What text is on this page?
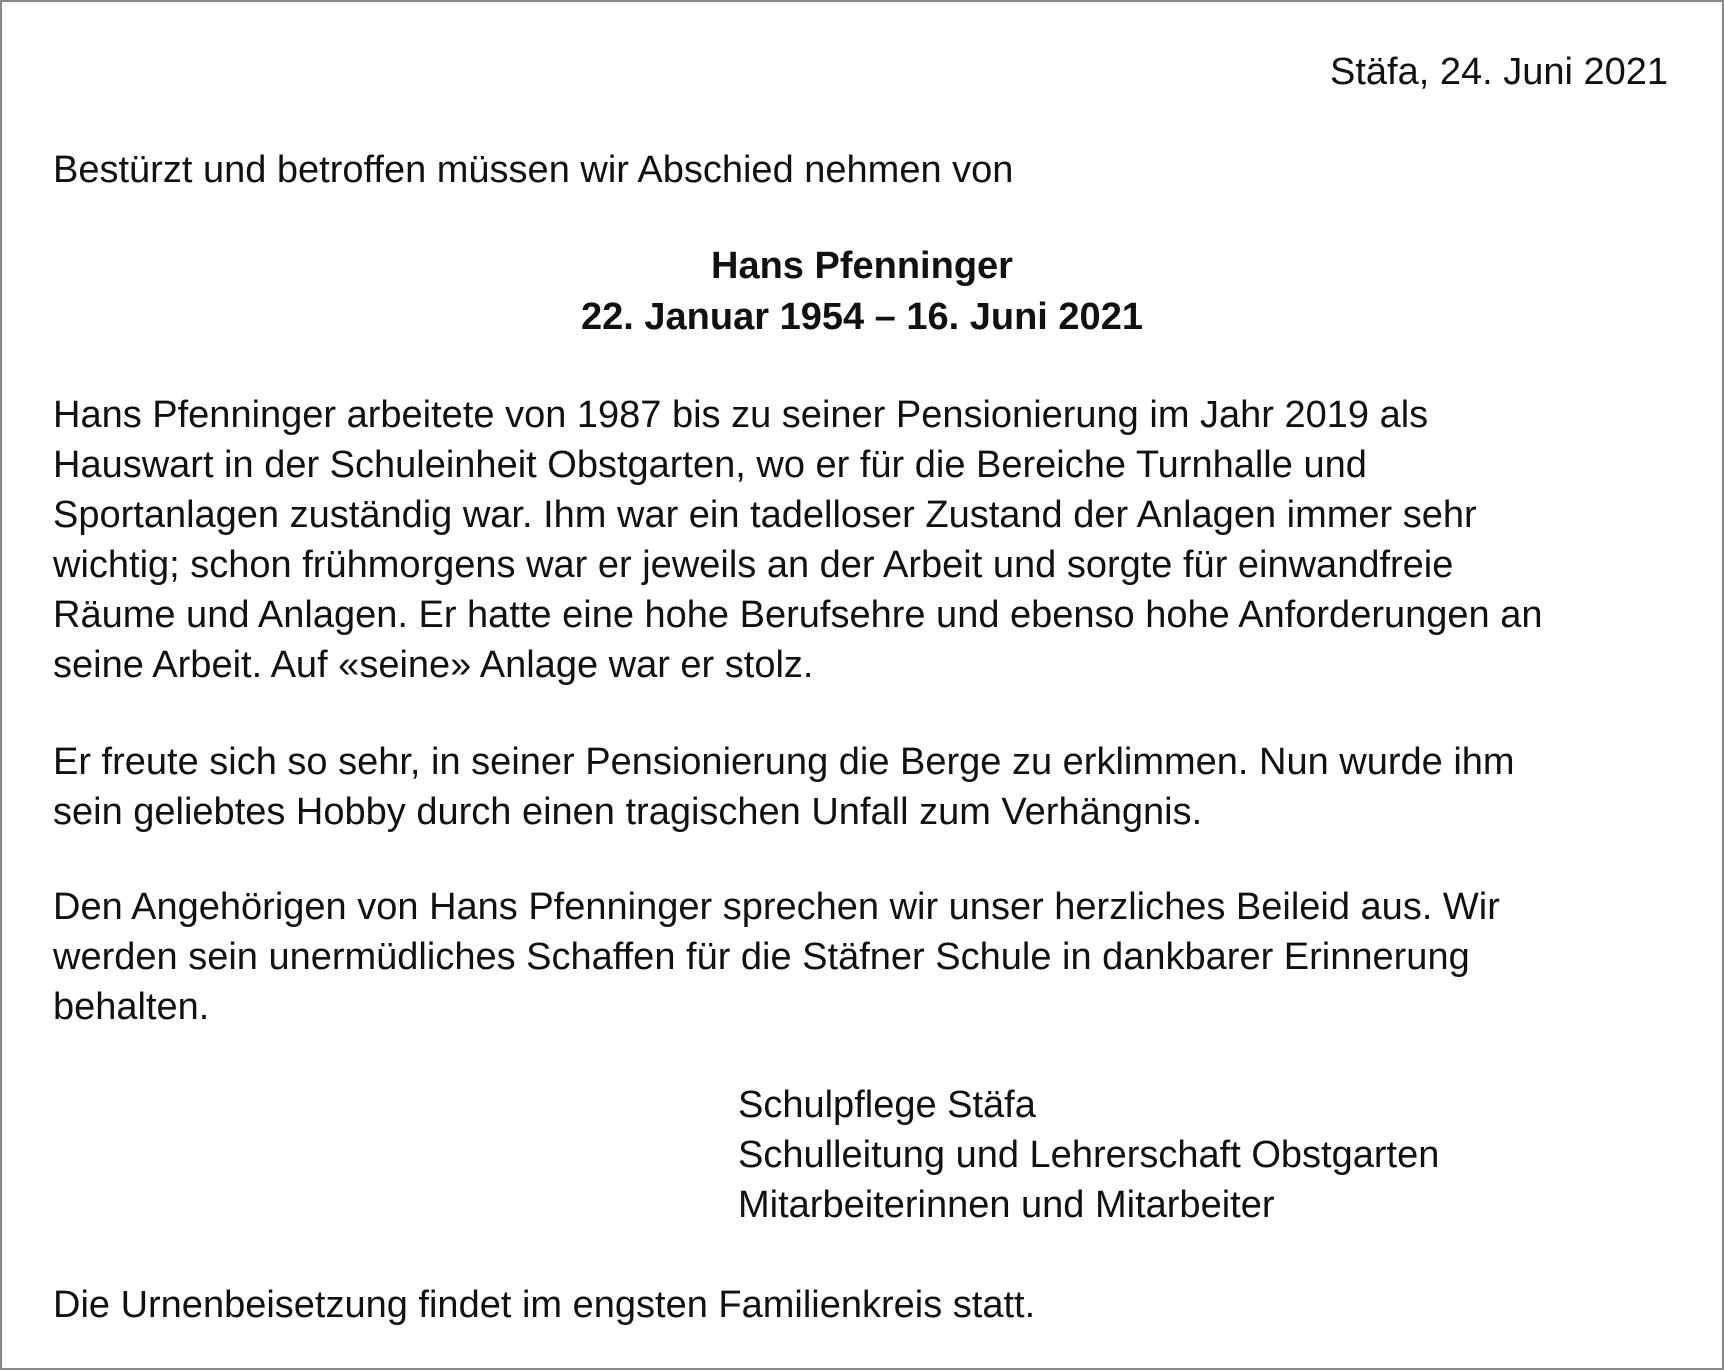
Stäfa, 24. Juni 2021

Bestürzt und betroffen müssen wir Abschied nehmen von

Hans Pfenninger

22. Januar 1954 – 16. Juni 2021

Hans Pfenninger arbeitete von 1987 bis zu seiner Pensionierung im Jahr 2019 als
Hauswart in der Schuleinheit Obstgarten, wo er für die Bereiche Turnhalle und
Sportanlagen zuständig war. Ihm war ein tadelloser Zustand der Anlagen immer sehr
wichtig; schon frühmorgens war er jeweils an der Arbeit und sorgte für einwandfreie
Räume und Anlagen. Er hatte eine hohe Berufsehre und ebenso hohe Anforderungen an
seine Arbeit. Auf «seine» Anlage war er stolz.
Er freute sich so sehr, in seiner Pensionierung die Berge zu erklimmen. Nun wurde ihm
sein geliebtes Hobby durch einen tragischen Unfall zum Verhängnis.
Den Angehörigen von Hans Pfenninger sprechen wir unser herzliches Beileid aus. Wir
werden sein unermüdliches Schaffen für die Stäfner Schule in dankbarer Erinnerung
behalten.
Schulpflege Stäfa
Schulleitung und Lehrerschaft Obstgarten
Mitarbeiterinnen und Mitarbeiter

Die Urnenbeisetzung findet im engsten Familienkreis statt.
